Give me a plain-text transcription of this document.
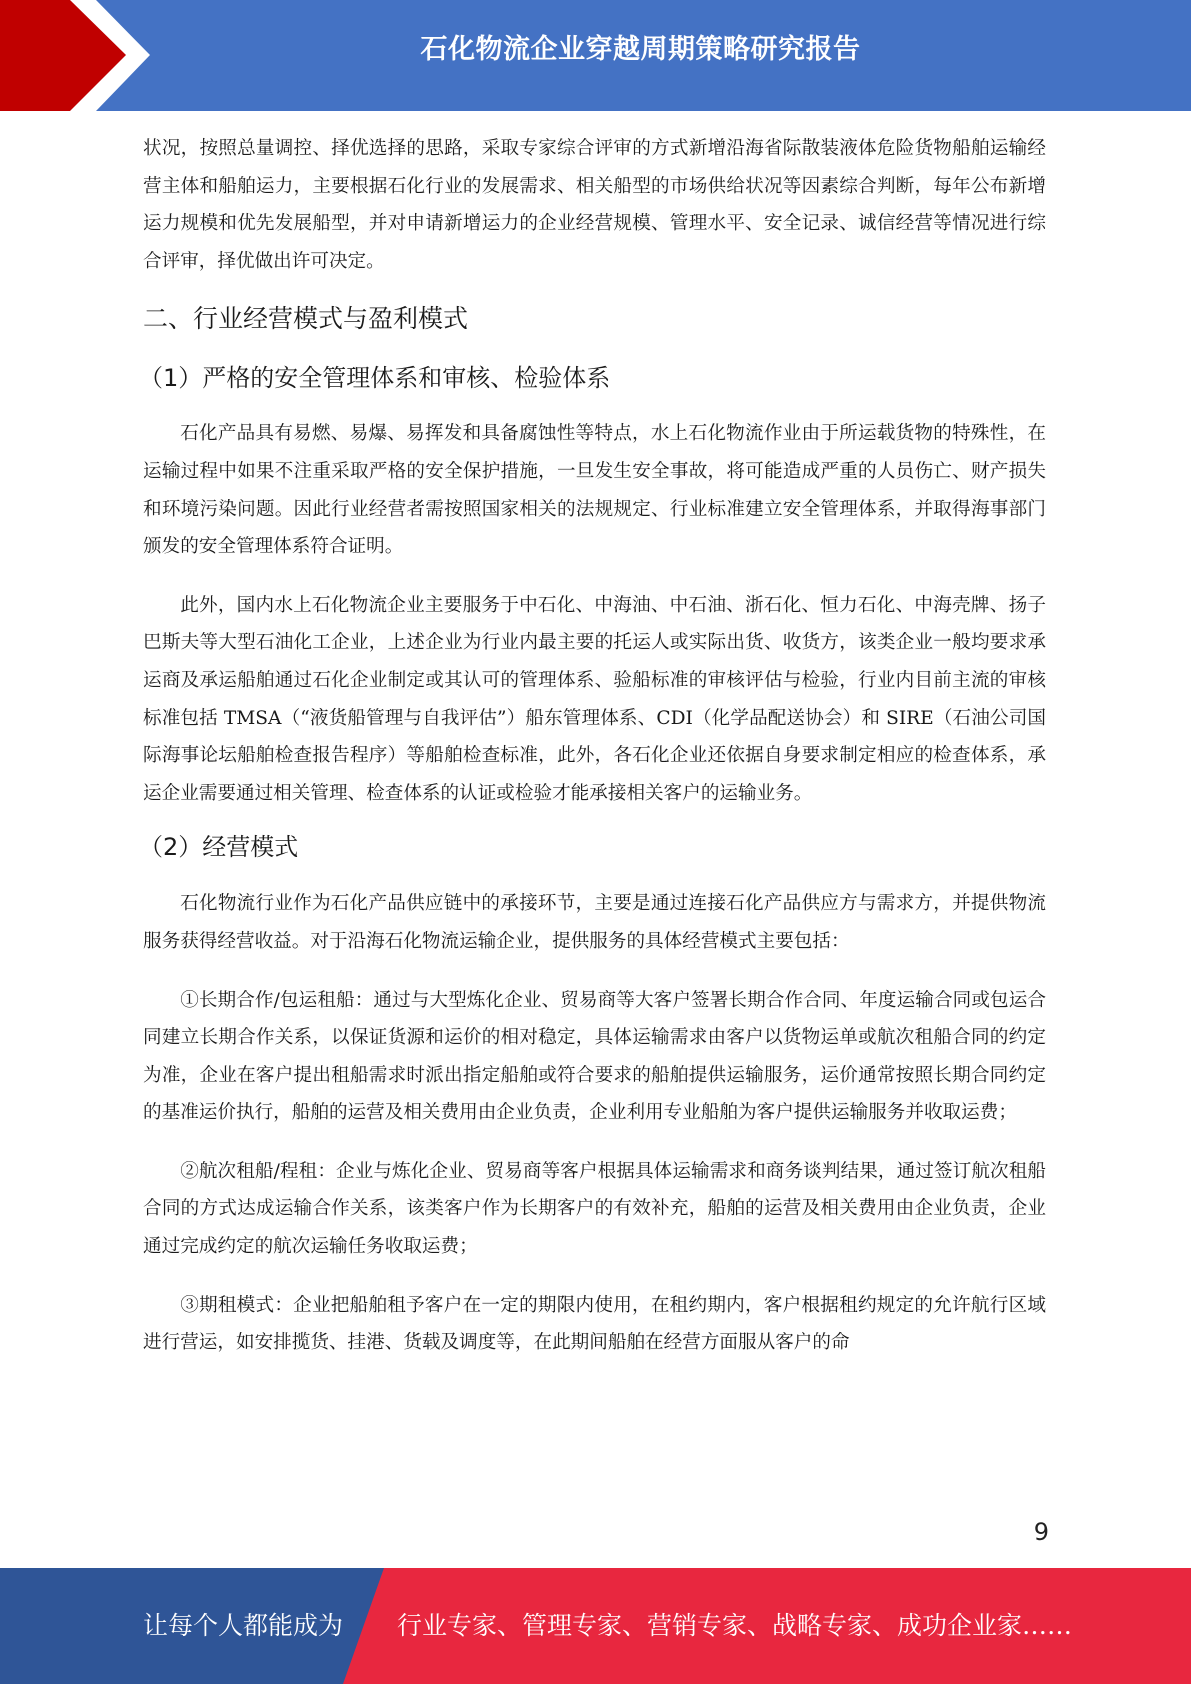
石化物流企业穿越周期策略研究报告

状况，按照总量调控、择优选择的思路，采取专家综合评审的方式新增沿海省际散装液体危险货物船舶运输经营主体和船舶运力，主要根据石化行业的发展需求、相关船型的市场供给状况等因素综合判断，每年公布新增运力规模和优先发展船型，并对申请新增运力的企业经营规模、管理水平、安全记录、诚信经营等情况进行综合评审，择优做出许可决定。

二、行业经营模式与盈利模式
（1）严格的安全管理体系和审核、检验体系

石化产品具有易燃、易爆、易挥发和具备腐蚀性等特点，水上石化物流作业由于所运载货物的特殊性，在运输过程中如果不注重采取严格的安全保护措施，一旦发生安全事故，将可能造成严重的人员伤亡、财产损失和环境污染问题。因此行业经营者需按照国家相关的法规规定、行业标准建立安全管理体系，并取得海事部门颁发的安全管理体系符合证明。

此外，国内水上石化物流企业主要服务于中石化、中海油、中石油、浙石化、恒力石化、中海壳牌、扬子巴斯夫等大型石油化工企业，上述企业为行业内最主要的托运人或实际出货、收货方，该类企业一般均要求承运商及承运船舶通过石化企业制定或其认可的管理体系、验船标准的审核评估与检验，行业内目前主流的审核标准包括 TMSA（“液货船管理与自我评估”）船东管理体系、CDI（化学品配送协会）和 SIRE（石油公司国际海事论坛船舶检查报告程序）等船舶检查标准，此外，各石化企业还依据自身要求制定相应的检查体系，承运企业需要通过相关管理、检查体系的认证或检验才能承接相关客户的运输业务。

（2）经营模式

石化物流行业作为石化产品供应链中的承接环节，主要是通过连接石化产品供应方与需求方，并提供物流服务获得经营收益。对于沿海石化物流运输企业，提供服务的具体经营模式主要包括：

①长期合作/包运租船：通过与大型炼化企业、贸易商等大客户签署长期合作合同、年度运输合同或包运合同建立长期合作关系，以保证货源和运价的相对稳定，具体运输需求由客户以货物运单或航次租船合同的约定为准，企业在客户提出租船需求时派出指定船舶或符合要求的船舶提供运输服务，运价通常按照长期合同约定的基准运价执行，船舶的运营及相关费用由企业负责，企业利用专业船舶为客户提供运输服务并收取运费；

②航次租船/程租：企业与炼化企业、贸易商等客户根据具体运输需求和商务谈判结果，通过签订航次租船合同的方式达成运输合作关系，该类客户作为长期客户的有效补充，船舶的运营及相关费用由企业负责，企业通过完成约定的航次运输任务收取运费；

③期租模式：企业把船舶租予客户在一定的期限内使用，在租约期内，客户根据租约规定的允许航行区域进行营运，如安排揽货、挂港、货载及调度等，在此期间船舶在经营方面服从客户的命

9
让每个人都能成为 行业专家、管理专家、营销专家、战略专家、成功企业家……
